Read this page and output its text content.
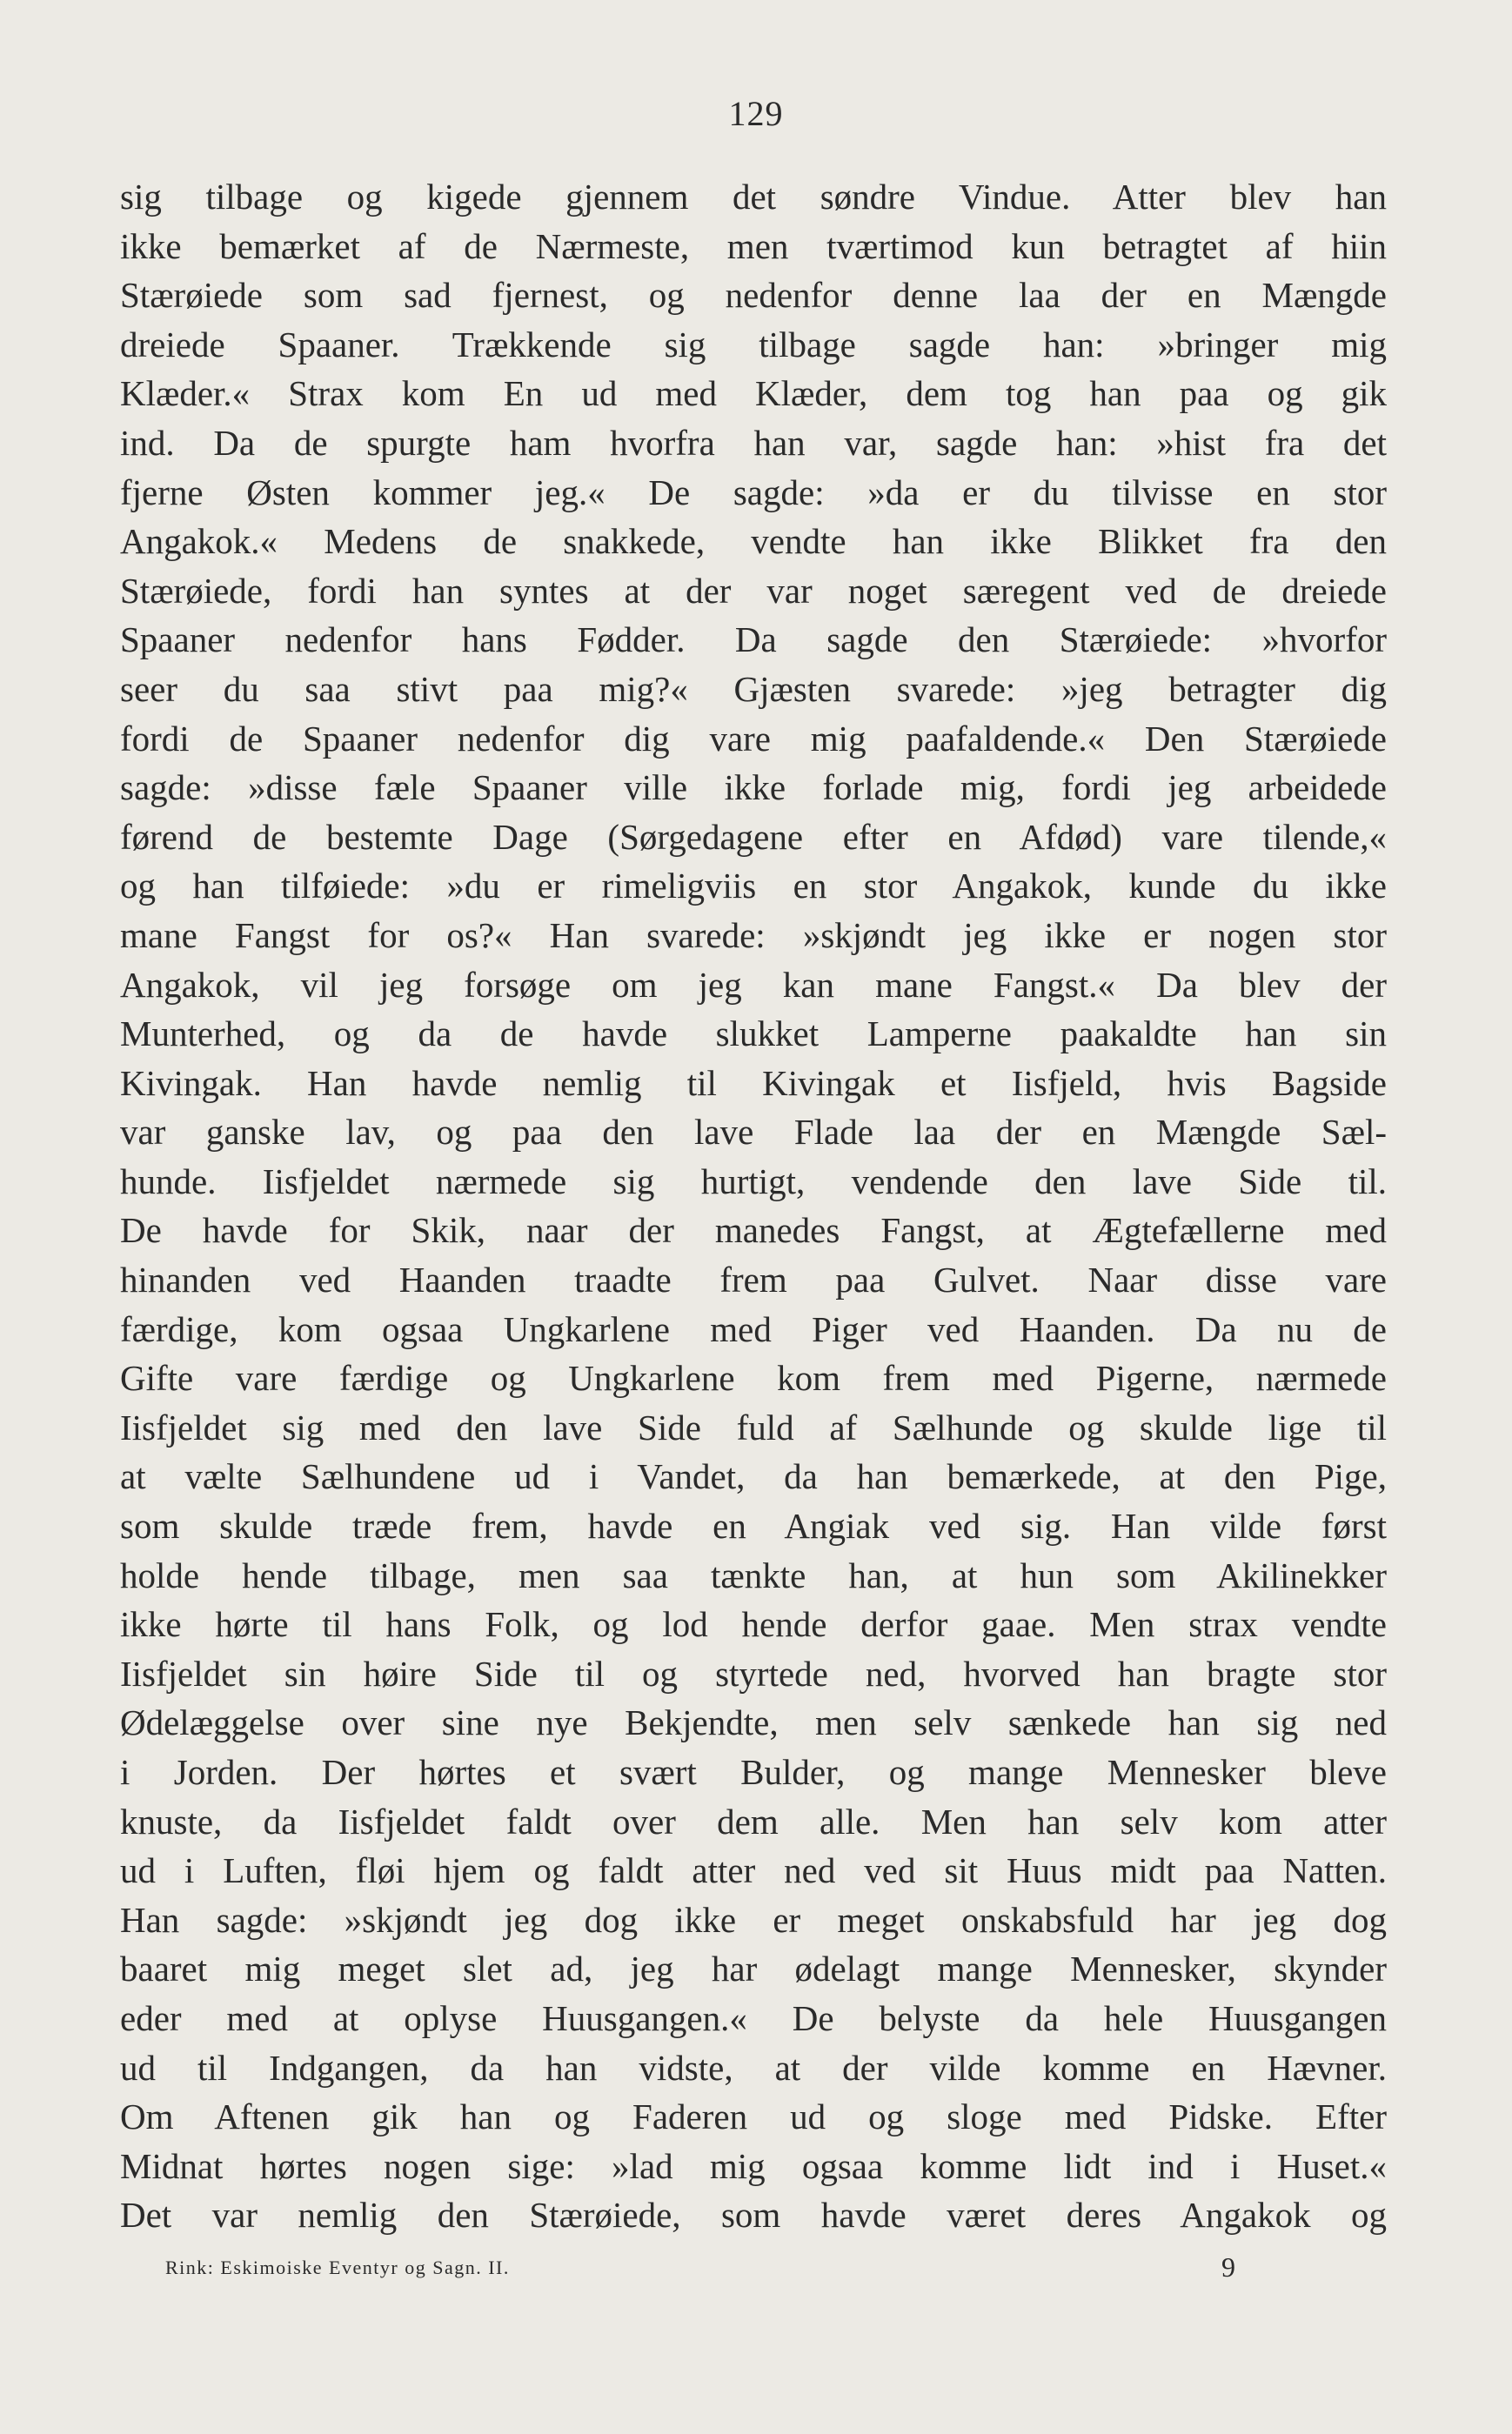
129
sig tilbage og kigede gjennem det søndre Vindue. Atter blev han
ikke bemærket af de Nærmeste, men tværtimod kun betragtet af hiin
Stærøiede som sad fjernest, og nedenfor denne laa der en Mængde
dreiede Spaaner. Trækkende sig tilbage sagde han: »bringer mig
Klæder.« Strax kom En ud med Klæder, dem tog han paa og gik
ind. Da de spurgte ham hvorfra han var, sagde han: »hist fra det
fjerne Østen kommer jeg.« De sagde: »da er du tilvisse en stor
Angakok.« Medens de snakkede, vendte han ikke Blikket fra den
Stærøiede, fordi han syntes at der var noget særegent ved de dreiede
Spaaner nedenfor hans Fødder. Da sagde den Stærøiede: »hvorfor
seer du saa stivt paa mig?« Gjæsten svarede: »jeg betragter dig
fordi de Spaaner nedenfor dig vare mig paafaldende.« Den Stærøiede
sagde: »disse fæle Spaaner ville ikke forlade mig, fordi jeg arbeidede
førend de bestemte Dage (Sørgedagene efter en Afdød) vare tilende,«
og han tilføiede: »du er rimeligviis en stor Angakok, kunde du ikke
mane Fangst for os?« Han svarede: »skjøndt jeg ikke er nogen stor
Angakok, vil jeg forsøge om jeg kan mane Fangst.« Da blev der
Munterhed, og da de havde slukket Lamperne paakaldte han sin
Kivingak. Han havde nemlig til Kivingak et Iisfjeld, hvis Bagside
var ganske lav, og paa den lave Flade laa der en Mængde Sæl-
hunde. Iisfjeldet nærmede sig hurtigt, vendende den lave Side til.
De havde for Skik, naar der manedes Fangst, at Ægtefællerne med
hinanden ved Haanden traadte frem paa Gulvet. Naar disse vare
færdige, kom ogsaa Ungkarlene med Piger ved Haanden. Da nu de
Gifte vare færdige og Ungkarlene kom frem med Pigerne, nærmede
Iisfjeldet sig med den lave Side fuld af Sælhunde og skulde lige til
at vælte Sælhundene ud i Vandet, da han bemærkede, at den Pige,
som skulde træde frem, havde en Angiak ved sig. Han vilde først
holde hende tilbage, men saa tænkte han, at hun som Akilinekker
ikke hørte til hans Folk, og lod hende derfor gaae. Men strax vendte
Iisfjeldet sin høire Side til og styrtede ned, hvorved han bragte stor
Ødelæggelse over sine nye Bekjendte, men selv sænkede han sig ned
i Jorden. Der hørtes et svært Bulder, og mange Mennesker bleve
knuste, da Iisfjeldet faldt over dem alle. Men han selv kom atter
ud i Luften, fløi hjem og faldt atter ned ved sit Huus midt paa Natten.
Han sagde: »skjøndt jeg dog ikke er meget onskabsfuld har jeg dog
baaret mig meget slet ad, jeg har ødelagt mange Mennesker, skynder
eder med at oplyse Huusgangen.« De belyste da hele Huusgangen
ud til Indgangen, da han vidste, at der vilde komme en Hævner.
Om Aftenen gik han og Faderen ud og sloge med Pidske. Efter
Midnat hørtes nogen sige: »lad mig ogsaa komme lidt ind i Huset.«
Det var nemlig den Stærøiede, som havde været deres Angakok og
Rink: Eskimoiske Eventyr og Sagn. II.	9
